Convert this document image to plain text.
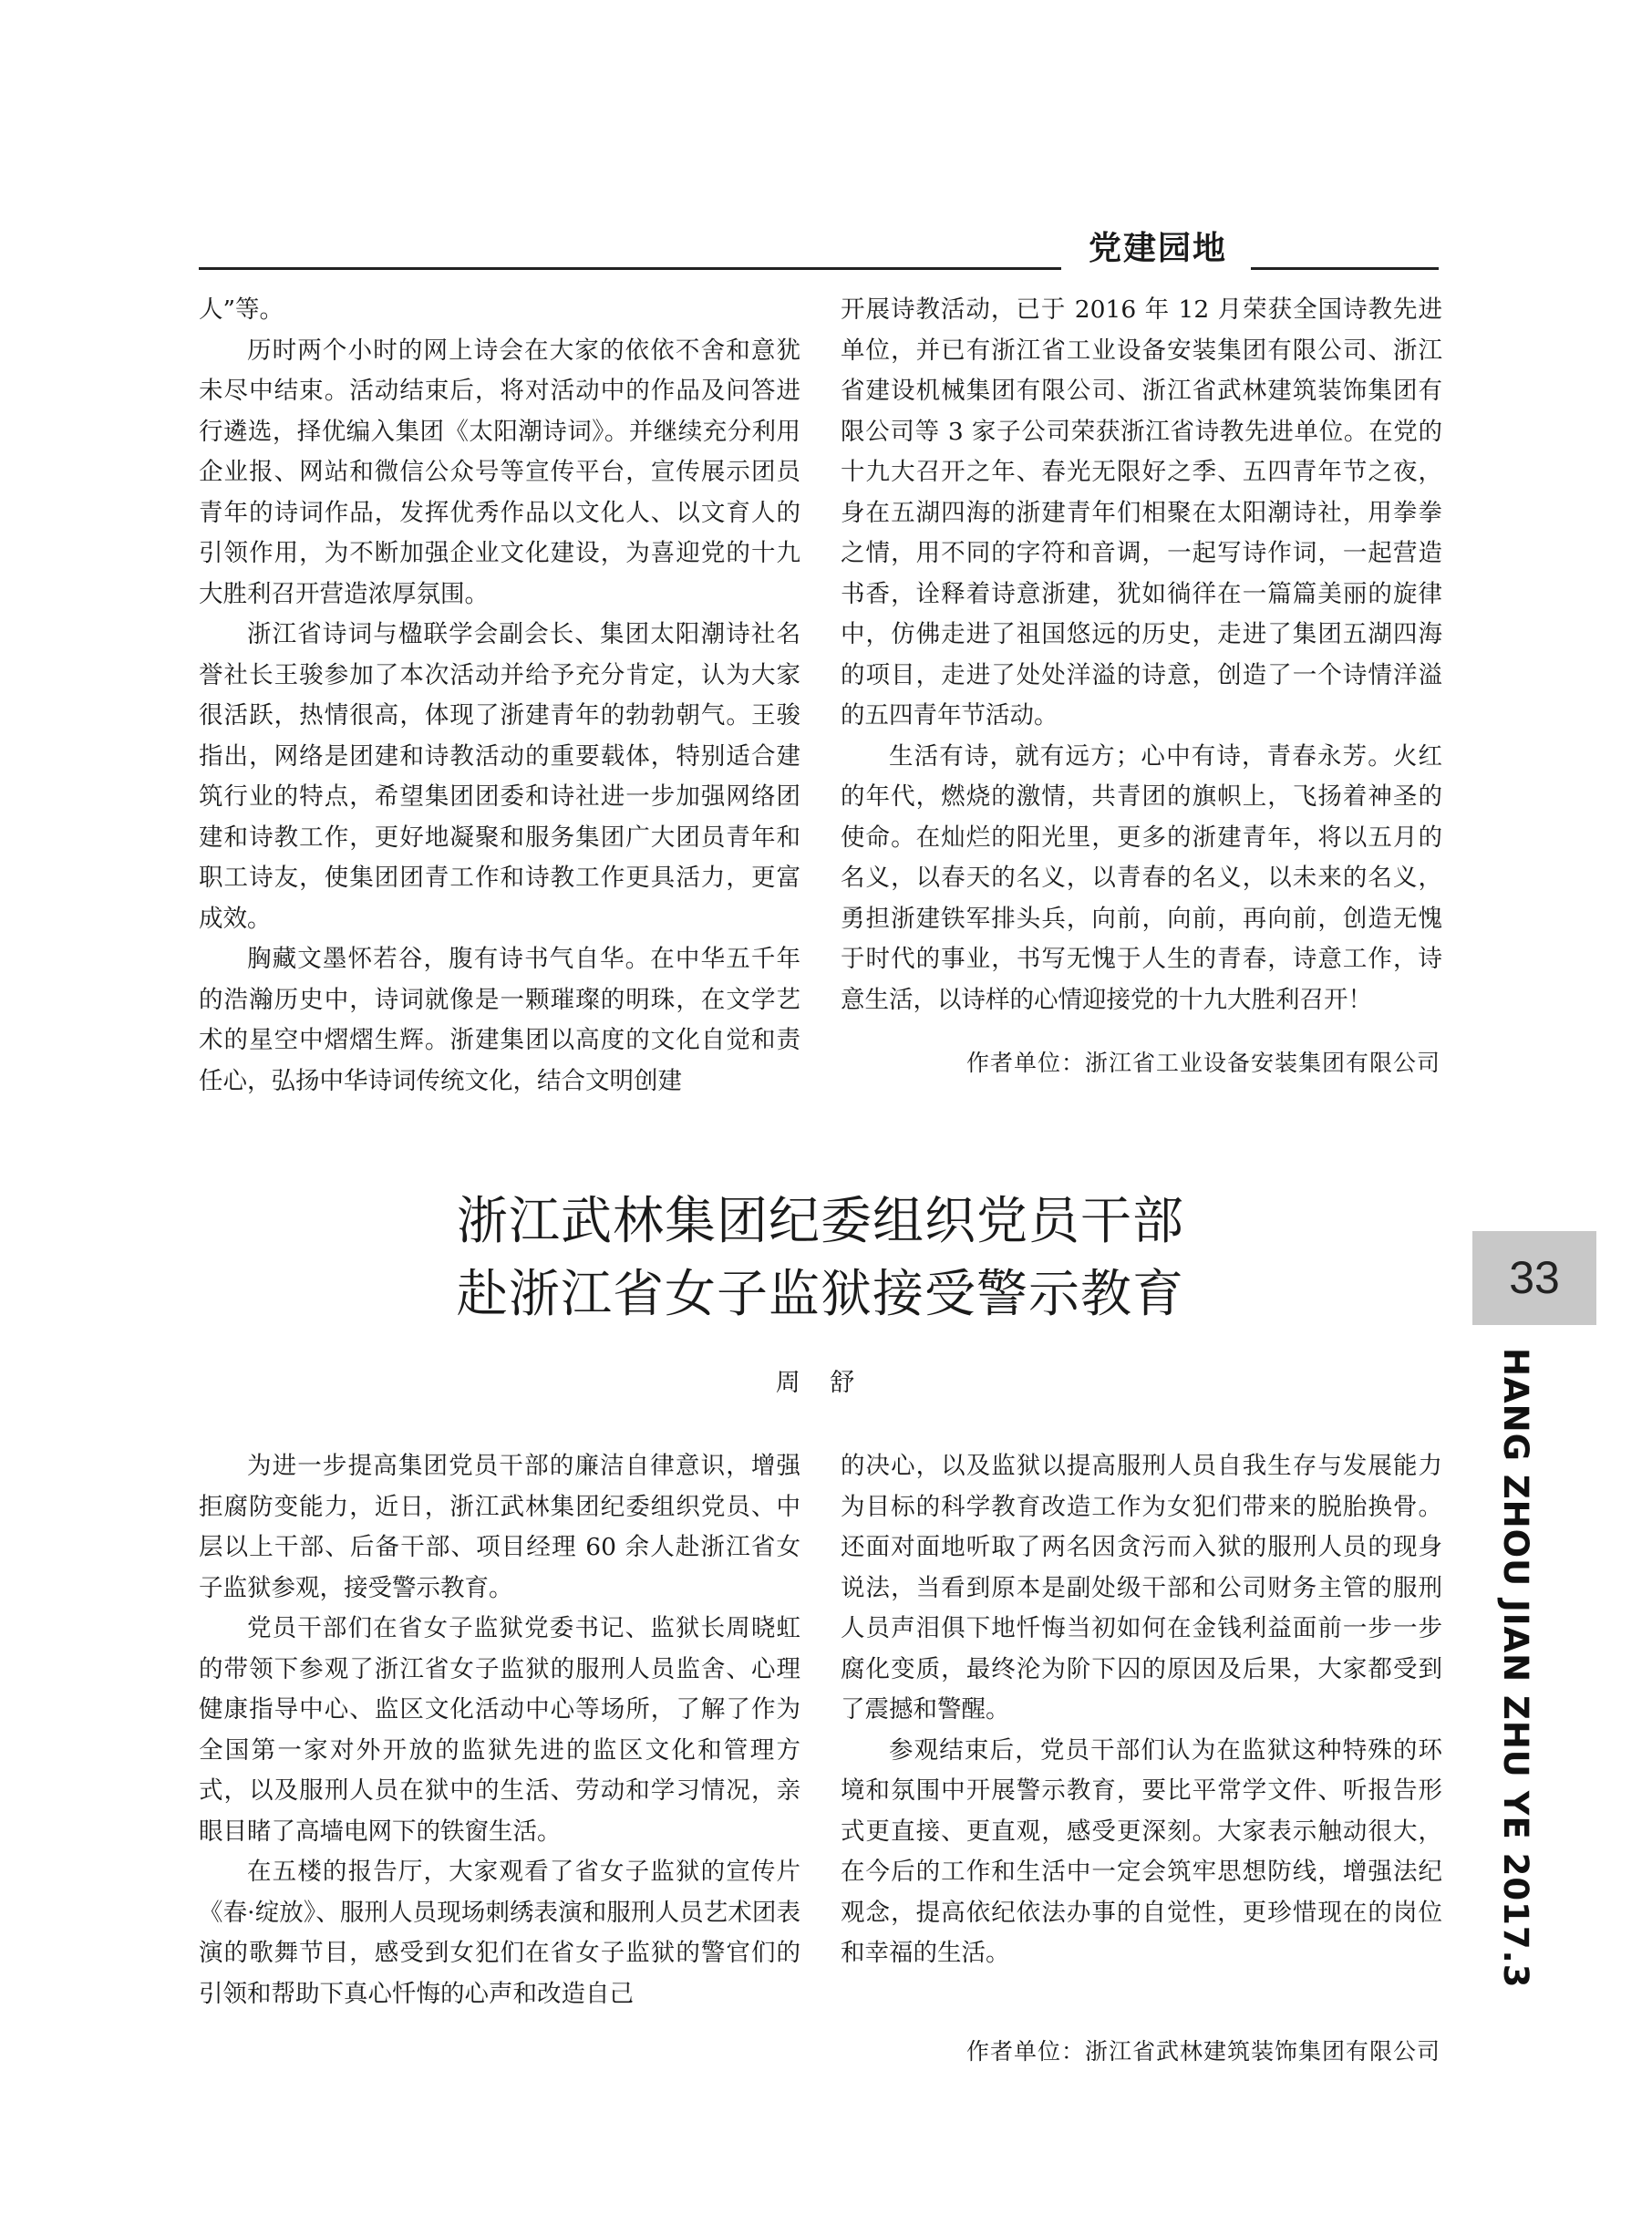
党建园地

人”等。

历时两个小时的网上诗会在大家的依依不舍和意犹未尽中结束。活动结束后，将对活动中的作品及问答进行遴选，择优编入集团《太阳潮诗词》。并继续充分利用企业报、网站和微信公众号等宣传平台，宣传展示团员青年的诗词作品，发挥优秀作品以文化人、以文育人的引领作用，为不断加强企业文化建设，为喜迎党的十九大胜利召开营造浓厚氛围。

浙江省诗词与楹联学会副会长、集团太阳潮诗社名誉社长王骏参加了本次活动并给予充分肯定，认为大家很活跃，热情很高，体现了浙建青年的勃勃朝气。王骏指出，网络是团建和诗教活动的重要载体，特别适合建筑行业的特点，希望集团团委和诗社进一步加强网络团建和诗教工作，更好地凝聚和服务集团广大团员青年和职工诗友，使集团团青工作和诗教工作更具活力，更富成效。

胸藏文墨怀若谷，腹有诗书气自华。在中华五千年的浩瀚历史中，诗词就像是一颗璀璨的明珠，在文学艺术的星空中熠熠生辉。浙建集团以高度的文化自觉和责任心，弘扬中华诗词传统文化，结合文明创建

开展诗教活动，已于 2016 年 12 月荣获全国诗教先进单位，并已有浙江省工业设备安装集团有限公司、浙江省建设机械集团有限公司、浙江省武林建筑装饰集团有限公司等 3 家子公司荣获浙江省诗教先进单位。在党的十九大召开之年、春光无限好之季、五四青年节之夜，身在五湖四海的浙建青年们相聚在太阳潮诗社，用拳拳之情，用不同的字符和音调，一起写诗作词，一起营造书香，诠释着诗意浙建，犹如徜徉在一篇篇美丽的旋律中，仿佛走进了祖国悠远的历史，走进了集团五湖四海的项目，走进了处处洋溢的诗意，创造了一个诗情洋溢的五四青年节活动。

生活有诗，就有远方；心中有诗，青春永芳。火红的年代，燃烧的激情，共青团的旗帜上，飞扬着神圣的使命。在灿烂的阳光里，更多的浙建青年，将以五月的名义，以春天的名义，以青春的名义，以未来的名义，勇担浙建铁军排头兵，向前，向前，再向前，创造无愧于时代的事业，书写无愧于人生的青春，诗意工作，诗意生活，以诗样的心情迎接党的十九大胜利召开！

作者单位：浙江省工业设备安装集团有限公司
浙江武林集团纪委组织党员干部
赴浙江省女子监狱接受警示教育
周 舒

为进一步提高集团党员干部的廉洁自律意识，增强拒腐防变能力，近日，浙江武林集团纪委组织党员、中层以上干部、后备干部、项目经理 60 余人赴浙江省女子监狱参观，接受警示教育。

党员干部们在省女子监狱党委书记、监狱长周晓虹的带领下参观了浙江省女子监狱的服刑人员监舍、心理健康指导中心、监区文化活动中心等场所，了解了作为全国第一家对外开放的监狱先进的监区文化和管理方式，以及服刑人员在狱中的生活、劳动和学习情况，亲眼目睹了高墙电网下的铁窗生活。

在五楼的报告厅，大家观看了省女子监狱的宣传片《春·绽放》、服刑人员现场刺绣表演和服刑人员艺术团表演的歌舞节目，感受到女犯们在省女子监狱的警官们的引领和帮助下真心忏悔的心声和改造自己

的决心，以及监狱以提高服刑人员自我生存与发展能力为目标的科学教育改造工作为女犯们带来的脱胎换骨。还面对面地听取了两名因贪污而入狱的服刑人员的现身说法，当看到原本是副处级干部和公司财务主管的服刑人员声泪俱下地忏悔当初如何在金钱利益面前一步一步腐化变质，最终沦为阶下囚的原因及后果，大家都受到了震撼和警醒。

参观结束后，党员干部们认为在监狱这种特殊的环境和氛围中开展警示教育，要比平常学文件、听报告形式更直接、更直观，感受更深刻。大家表示触动很大，在今后的工作和生活中一定会筑牢思想防线，增强法纪观念，提高依纪依法办事的自觉性，更珍惜现在的岗位和幸福的生活。

作者单位：浙江省武林建筑装饰集团有限公司
33
HANG ZHOU JIAN ZHU YE 2017.3
